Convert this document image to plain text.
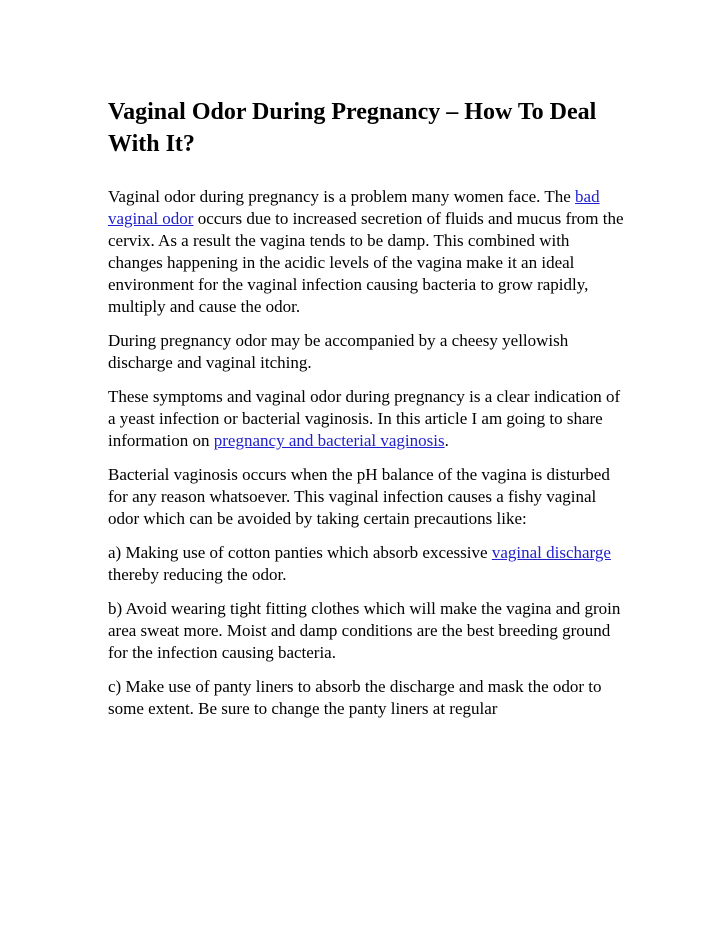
Vaginal Odor During Pregnancy – How To Deal With It?

Vaginal odor during pregnancy is a problem many women face. The bad vaginal odor occurs due to increased secretion of fluids and mucus from the cervix. As a result the vagina tends to be damp. This combined with changes happening in the acidic levels of the vagina make it an ideal environment for the vaginal infection causing bacteria to grow rapidly, multiply and cause the odor.

During pregnancy odor may be accompanied by a cheesy yellowish discharge and vaginal itching.

These symptoms and vaginal odor during pregnancy is a clear indication of a yeast infection or bacterial vaginosis. In this article I am going to share information on pregnancy and bacterial vaginosis.

Bacterial vaginosis occurs when the pH balance of the vagina is disturbed for any reason whatsoever. This vaginal infection causes a fishy vaginal odor which can be avoided by taking certain precautions like:

a) Making use of cotton panties which absorb excessive vaginal discharge thereby reducing the odor.

b) Avoid wearing tight fitting clothes which will make the vagina and groin area sweat more. Moist and damp conditions are the best breeding ground for the infection causing bacteria.

c) Make use of panty liners to absorb the discharge and mask the odor to some extent. Be sure to change the panty liners at regular
